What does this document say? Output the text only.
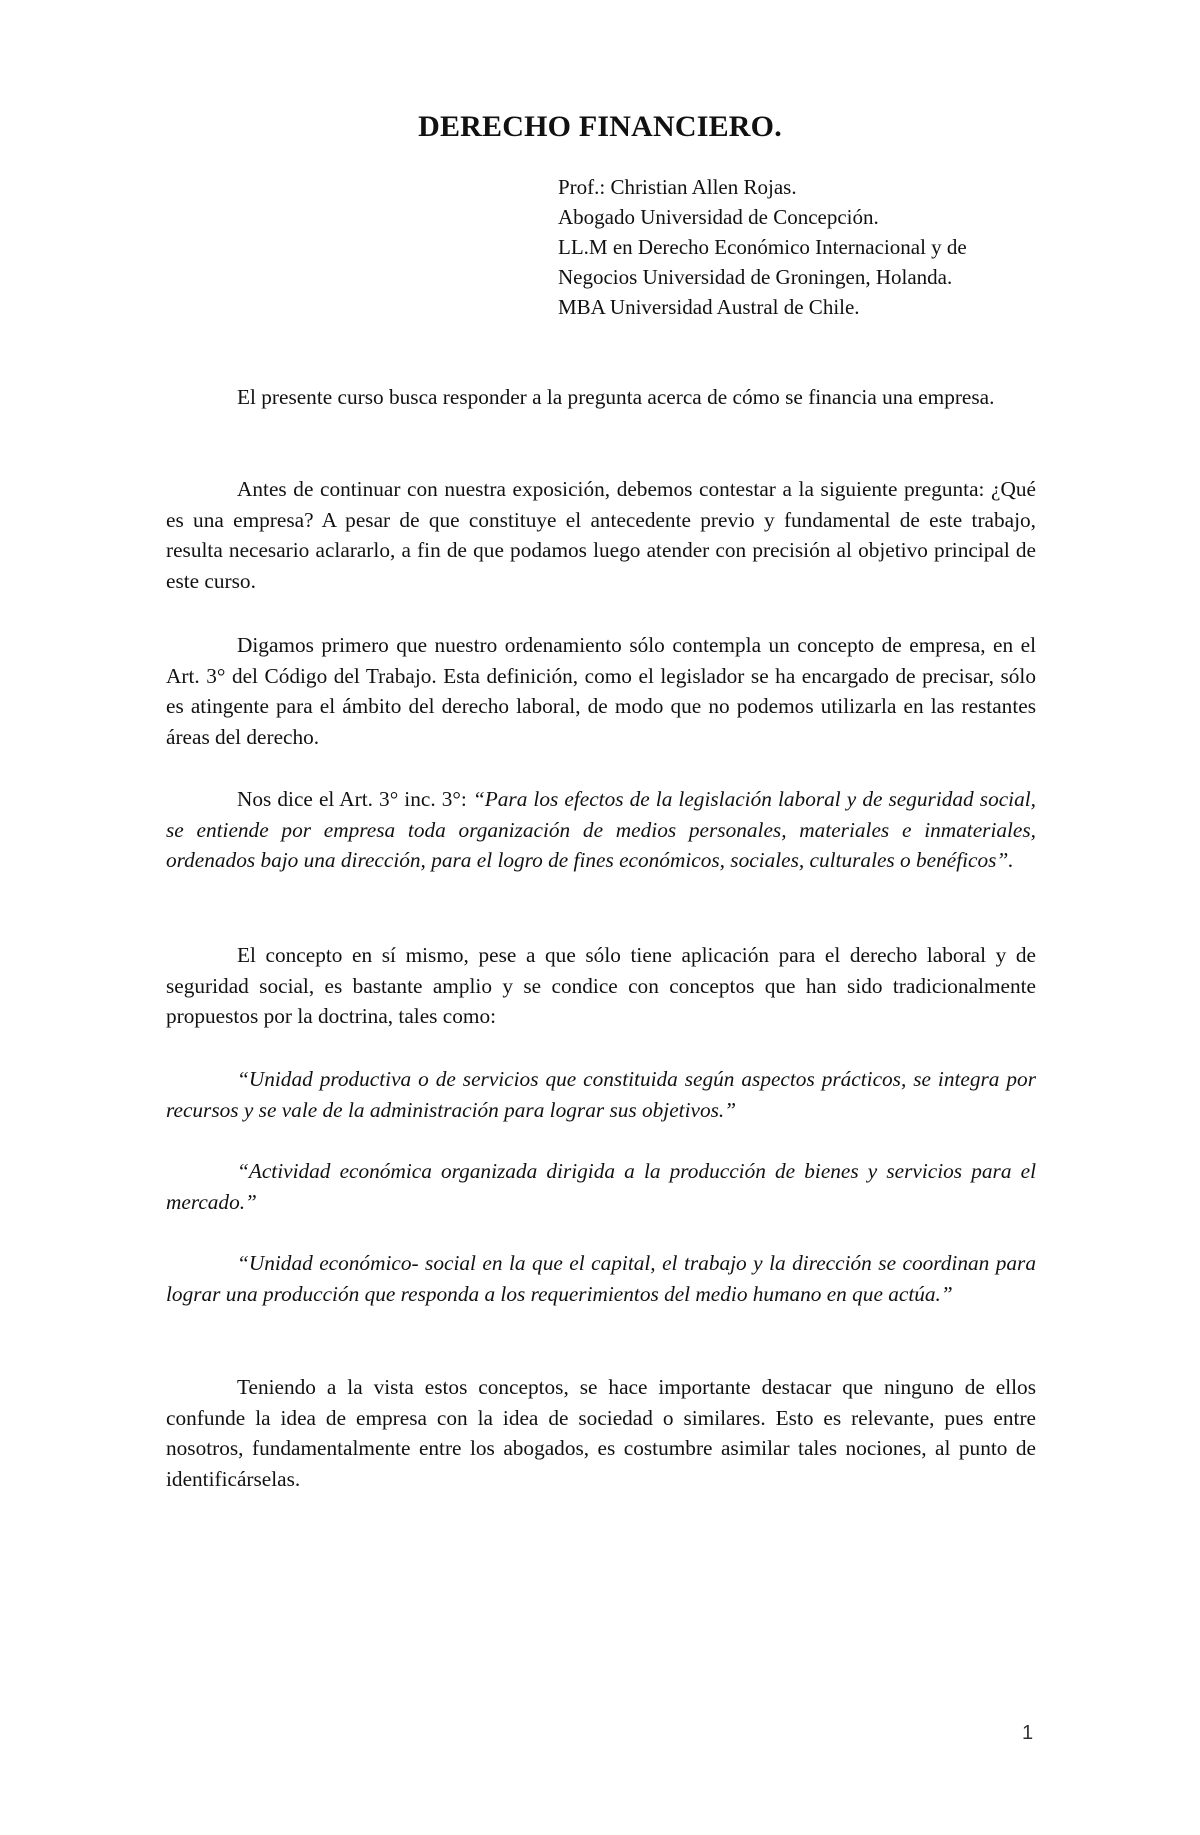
DERECHO FINANCIERO.
Prof.: Christian Allen Rojas.
Abogado Universidad de Concepción.
LL.M en Derecho Económico Internacional y de
Negocios Universidad de Groningen, Holanda.
MBA Universidad Austral de Chile.

El presente curso busca responder a la pregunta acerca de cómo se financia una empresa.

Antes de continuar con nuestra exposición, debemos contestar a la siguiente pregunta: ¿Qué es una empresa? A pesar de que constituye el antecedente previo y fundamental de este trabajo, resulta necesario aclararlo, a fin de que podamos luego atender con precisión al objetivo principal de este curso.

Digamos primero que nuestro ordenamiento sólo contempla un concepto de empresa, en el Art. 3° del Código del Trabajo. Esta definición, como el legislador se ha encargado de precisar, sólo es atingente para el ámbito del derecho laboral, de modo que no podemos utilizarla en las restantes áreas del derecho.

Nos dice el Art. 3° inc. 3°: “Para los efectos de la legislación laboral y de seguridad social, se entiende por empresa toda organización de medios personales, materiales e inmateriales, ordenados bajo una dirección, para el logro de fines económicos, sociales, culturales o benéficos”.

El concepto en sí mismo, pese a que sólo tiene aplicación para el derecho laboral y de seguridad social, es bastante amplio y se condice con conceptos que han sido tradicionalmente propuestos por la doctrina, tales como:

“Unidad productiva o de servicios que constituida según aspectos prácticos, se integra por recursos y se vale de la administración para lograr sus objetivos.”

“Actividad económica organizada dirigida a la producción de bienes y servicios para el mercado.”

“Unidad económico- social en la que el capital, el trabajo y la dirección se coordinan para lograr una producción que responda a los requerimientos del medio humano en que actúa.”

Teniendo a la vista estos conceptos, se hace importante destacar que ninguno de ellos confunde la idea de empresa con la idea de sociedad o similares. Esto es relevante, pues entre nosotros, fundamentalmente entre los abogados, es costumbre asimilar tales nociones, al punto de identificárselas.

1
